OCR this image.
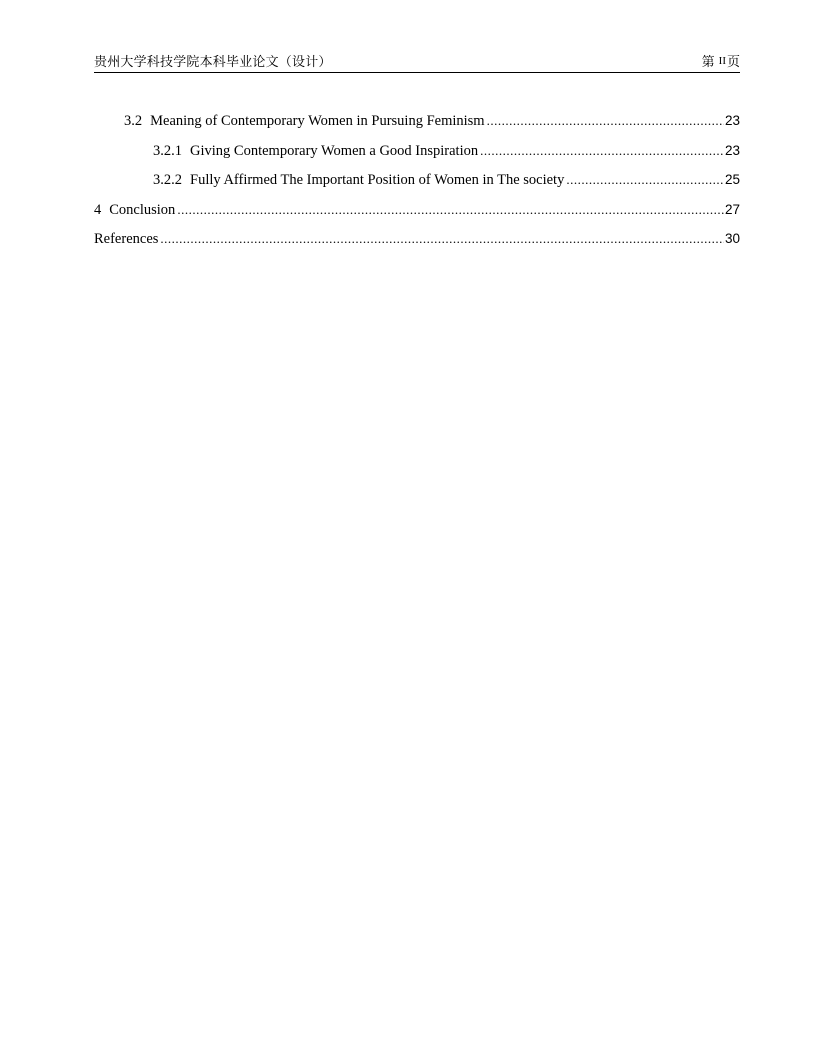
贵州大学科技学院本科毕业论文（设计）	第 II页
3.2 Meaning of Contemporary Women in Pursuing Feminism .....	23
3.2.1 Giving Contemporary Women a Good Inspiration .....	23
3.2.2 Fully Affirmed The Important Position of Women in The society .....	25
4 Conclusion .....	27
References .....	30
